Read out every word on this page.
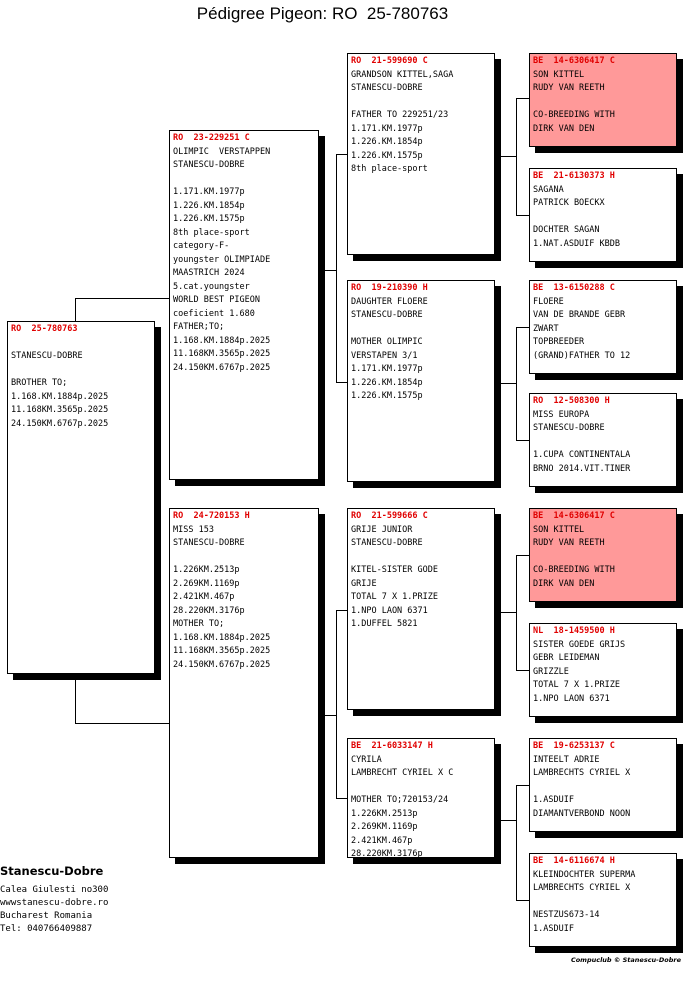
Pédigree Pigeon: RO  25-780763
RO  25-780763
STANESCU-DOBRE
BROTHER TO;
1.168.KM.1884p.2025
11.168KM.3565p.2025
24.150KM.6767p.2025
RO  23-229251 C
OLIMPIC  VERSTAPPEN
STANESCU-DOBRE
1.171.KM.1977p
1.226.KM.1854p
1.226.KM.1575p
8th place-sport
category-F-
youngster OLIMPIADE
MAASTRICH 2024
5.cat.youngster
WORLD BEST PIGEON
coeficient 1.680
FATHER;TO;
1.168.KM.1884p.2025
11.168KM.3565p.2025
24.150KM.6767p.2025
RO  24-720153 H
MISS 153
STANESCU-DOBRE
1.226KM.2513p
2.269KM.1169p
2.421KM.467p
28.220KM.3176p
MOTHER TO;
1.168.KM.1884p.2025
11.168KM.3565p.2025
24.150KM.6767p.2025
RO  21-599690 C
GRANDSON KITTEL,SAGA
STANESCU-DOBRE
FATHER TO 229251/23
1.171.KM.1977p
1.226.KM.1854p
1.226.KM.1575p
8th place-sport
RO  19-210390 H
DAUGHTER FLOERE
STANESCU-DOBRE
MOTHER OLIMPIC
VERSTAPEN 3/1
1.171.KM.1977p
1.226.KM.1854p
1.226.KM.1575p
RO  21-599666 C
GRIJE JUNIOR
STANESCU-DOBRE
KITEL-SISTER GODE
GRIJE
TOTAL 7 X 1.PRIZE
1.NPO LAON 6371
1.DUFFEL 5821
BE  21-6033147 H
CYRILA
LAMBRECHT CYRIEL X C
MOTHER TO;720153/24
1.226KM.2513p
2.269KM.1169p
2.421KM.467p
28.220KM.3176p
BE  14-6306417 C
SON KITTEL
RUDY VAN REETH
CO-BREEDING WITH
DIRK VAN DEN
BE  21-6130373 H
SAGANA
PATRICK BOECKX
DOCHTER SAGAN
1.NAT.ASDUIF KBDB
BE  13-6150288 C
FLOERE
VAN DE BRANDE GEBR
ZWART
TOPBREEDER
(GRAND)FATHER TO 12
RO  12-508300 H
MISS EUROPA
STANESCU-DOBRE
1.CUPA CONTINENTALA
BRNO 2014.VIT.TINER
BE  14-6306417 C
SON KITTEL
RUDY VAN REETH
CO-BREEDING WITH
DIRK VAN DEN
NL  18-1459500 H
SISTER GOEDE GRIJS
GEBR LEIDEMAN
GRIZZLE
TOTAL 7 X 1.PRIZE
1.NPO LAON 6371
BE  19-6253137 C
INTEELT ADRIE
LAMBRECHTS CYRIEL X
1.ASDUIF
DIAMANTVERBOND NOON
BE  14-6116674 H
KLEINDOCHTER SUPERMA
LAMBRECHTS CYRIEL X
NESTZUS673-14
1.ASDUIF
Stanescu-Dobre
Calea Giulesti no300
wwwstanescu-dobre.ro
Bucharest Romania
Tel: 040766409887
Compuclub © Stanescu-Dobre
